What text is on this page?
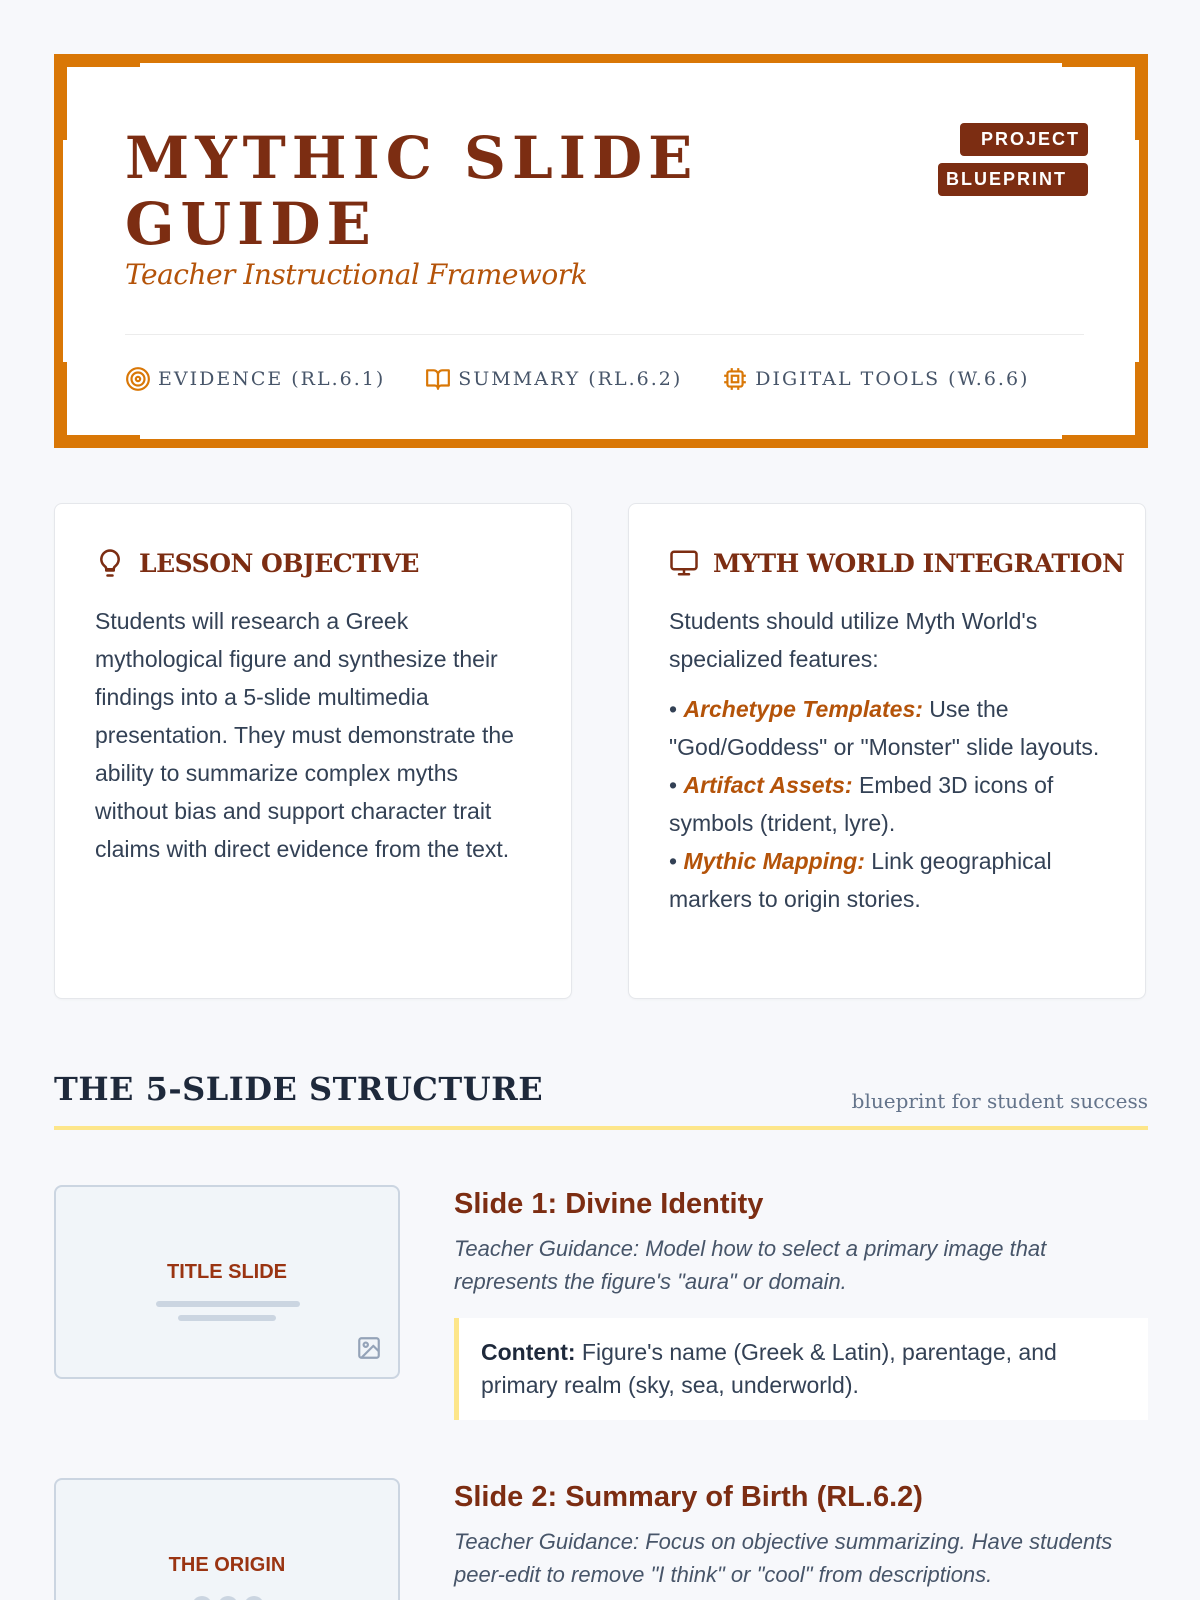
MYTHIC SLIDE GUIDE
Teacher Instructional Framework
PROJECT
BLUEPRINT
EVIDENCE (RL.6.1)	SUMMARY (RL.6.2)	DIGITAL TOOLS (W.6.6)
LESSON OBJECTIVE
Students will research a Greek mythological figure and synthesize their findings into a 5-slide multimedia presentation. They must demonstrate the ability to summarize complex myths without bias and support character trait claims with direct evidence from the text.
MYTH WORLD INTEGRATION
Students should utilize Myth World's specialized features:
• Archetype Templates: Use the "God/Goddess" or "Monster" slide layouts.
• Artifact Assets: Embed 3D icons of symbols (trident, lyre).
• Mythic Mapping: Link geographical markers to origin stories.
THE 5-SLIDE STRUCTURE	blueprint for student success
TITLE SLIDE
Slide 1: Divine Identity
Teacher Guidance: Model how to select a primary image that represents the figure's "aura" or domain.
Content: Figure's name (Greek & Latin), parentage, and primary realm (sky, sea, underworld).
THE ORIGIN
Slide 2: Summary of Birth (RL.6.2)
Teacher Guidance: Focus on objective summarizing. Have students peer-edit to remove "I think" or "cool" from descriptions.
